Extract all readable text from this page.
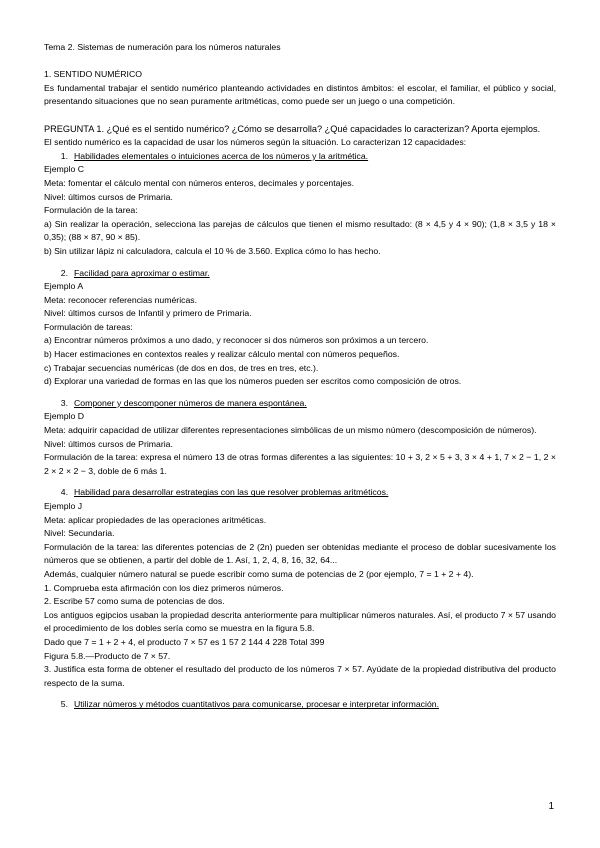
Tema 2. Sistemas de numeración para los números naturales

1. SENTIDO NUMÉRICO

Es fundamental trabajar el sentido numérico planteando actividades en distintos ámbitos: el escolar, el familiar, el público y social, presentando situaciones que no sean puramente aritméticas, como puede ser un juego o una competición.

PREGUNTA 1. ¿Qué es el sentido numérico? ¿Cómo se desarrolla? ¿Qué capacidades lo caracterizan? Aporta ejemplos.

El sentido numérico es la capacidad de usar los números según la situación. Lo caracterizan 12 capacidades:

1. Habilidades elementales o intuiciones acerca de los números y la aritmética.

Ejemplo C

Meta: fomentar el cálculo mental con números enteros, decimales y porcentajes.

Nivel: últimos cursos de Primaria.

Formulación de la tarea:

a) Sin realizar la operación, selecciona las parejas de cálculos que tienen el mismo resultado: (8 × 4,5 y 4 × 90); (1,8 × 3,5 y 18 × 0,35); (88 × 87, 90 × 85).

b) Sin utilizar lápiz ni calculadora, calcula el 10 % de 3.560. Explica cómo lo has hecho.

2. Facilidad para aproximar o estimar.

Ejemplo A

Meta: reconocer referencias numéricas.

Nivel: últimos cursos de Infantil y primero de Primaria.

Formulación de tareas:

a) Encontrar números próximos a uno dado, y reconocer si dos números son próximos a un tercero.

b) Hacer estimaciones en contextos reales y realizar cálculo mental con números pequeños.

c) Trabajar secuencias numéricas (de dos en dos, de tres en tres, etc.).

d) Explorar una variedad de formas en las que los números pueden ser escritos como composición de otros.

3. Componer y descomponer números de manera espontánea.

Ejemplo D

Meta: adquirir capacidad de utilizar diferentes representaciones simbólicas de un mismo número (descomposición de números).

Nivel: últimos cursos de Primaria.

Formulación de la tarea: expresa el número 13 de otras formas diferentes a las siguientes: 10 + 3, 2 × 5 + 3, 3 × 4 + 1, 7 × 2 − 1, 2 × 2 × 2 × 2 − 3, doble de 6 más 1.

4. Habilidad para desarrollar estrategias con las que resolver problemas aritméticos.

Ejemplo J

Meta: aplicar propiedades de las operaciones aritméticas.

Nivel: Secundaria.

Formulación de la tarea: las diferentes potencias de 2 (2n) pueden ser obtenidas mediante el proceso de doblar sucesivamente los números que se obtienen, a partir del doble de 1. Así, 1, 2, 4, 8, 16, 32, 64...

Además, cualquier número natural se puede escribir como suma de potencias de 2 (por ejemplo, 7 = 1 + 2 + 4).

1. Comprueba esta afirmación con los diez primeros números.

2. Escribe 57 como suma de potencias de dos.

Los antiguos egipcios usaban la propiedad descrita anteriormente para multiplicar números naturales. Así, el producto 7 × 57 usando el procedimiento de los dobles sería como se muestra en la figura 5.8.

Dado que 7 = 1 + 2 + 4, el producto 7 × 57 es 1 57 2 144 4 228 Total 399

Figura 5.8.—Producto de 7 × 57.

3. Justifica esta forma de obtener el resultado del producto de los números 7 × 57. Ayúdate de la propiedad distributiva del producto respecto de la suma.

5. Utilizar números y métodos cuantitativos para comunicarse, procesar e interpretar información.

1
